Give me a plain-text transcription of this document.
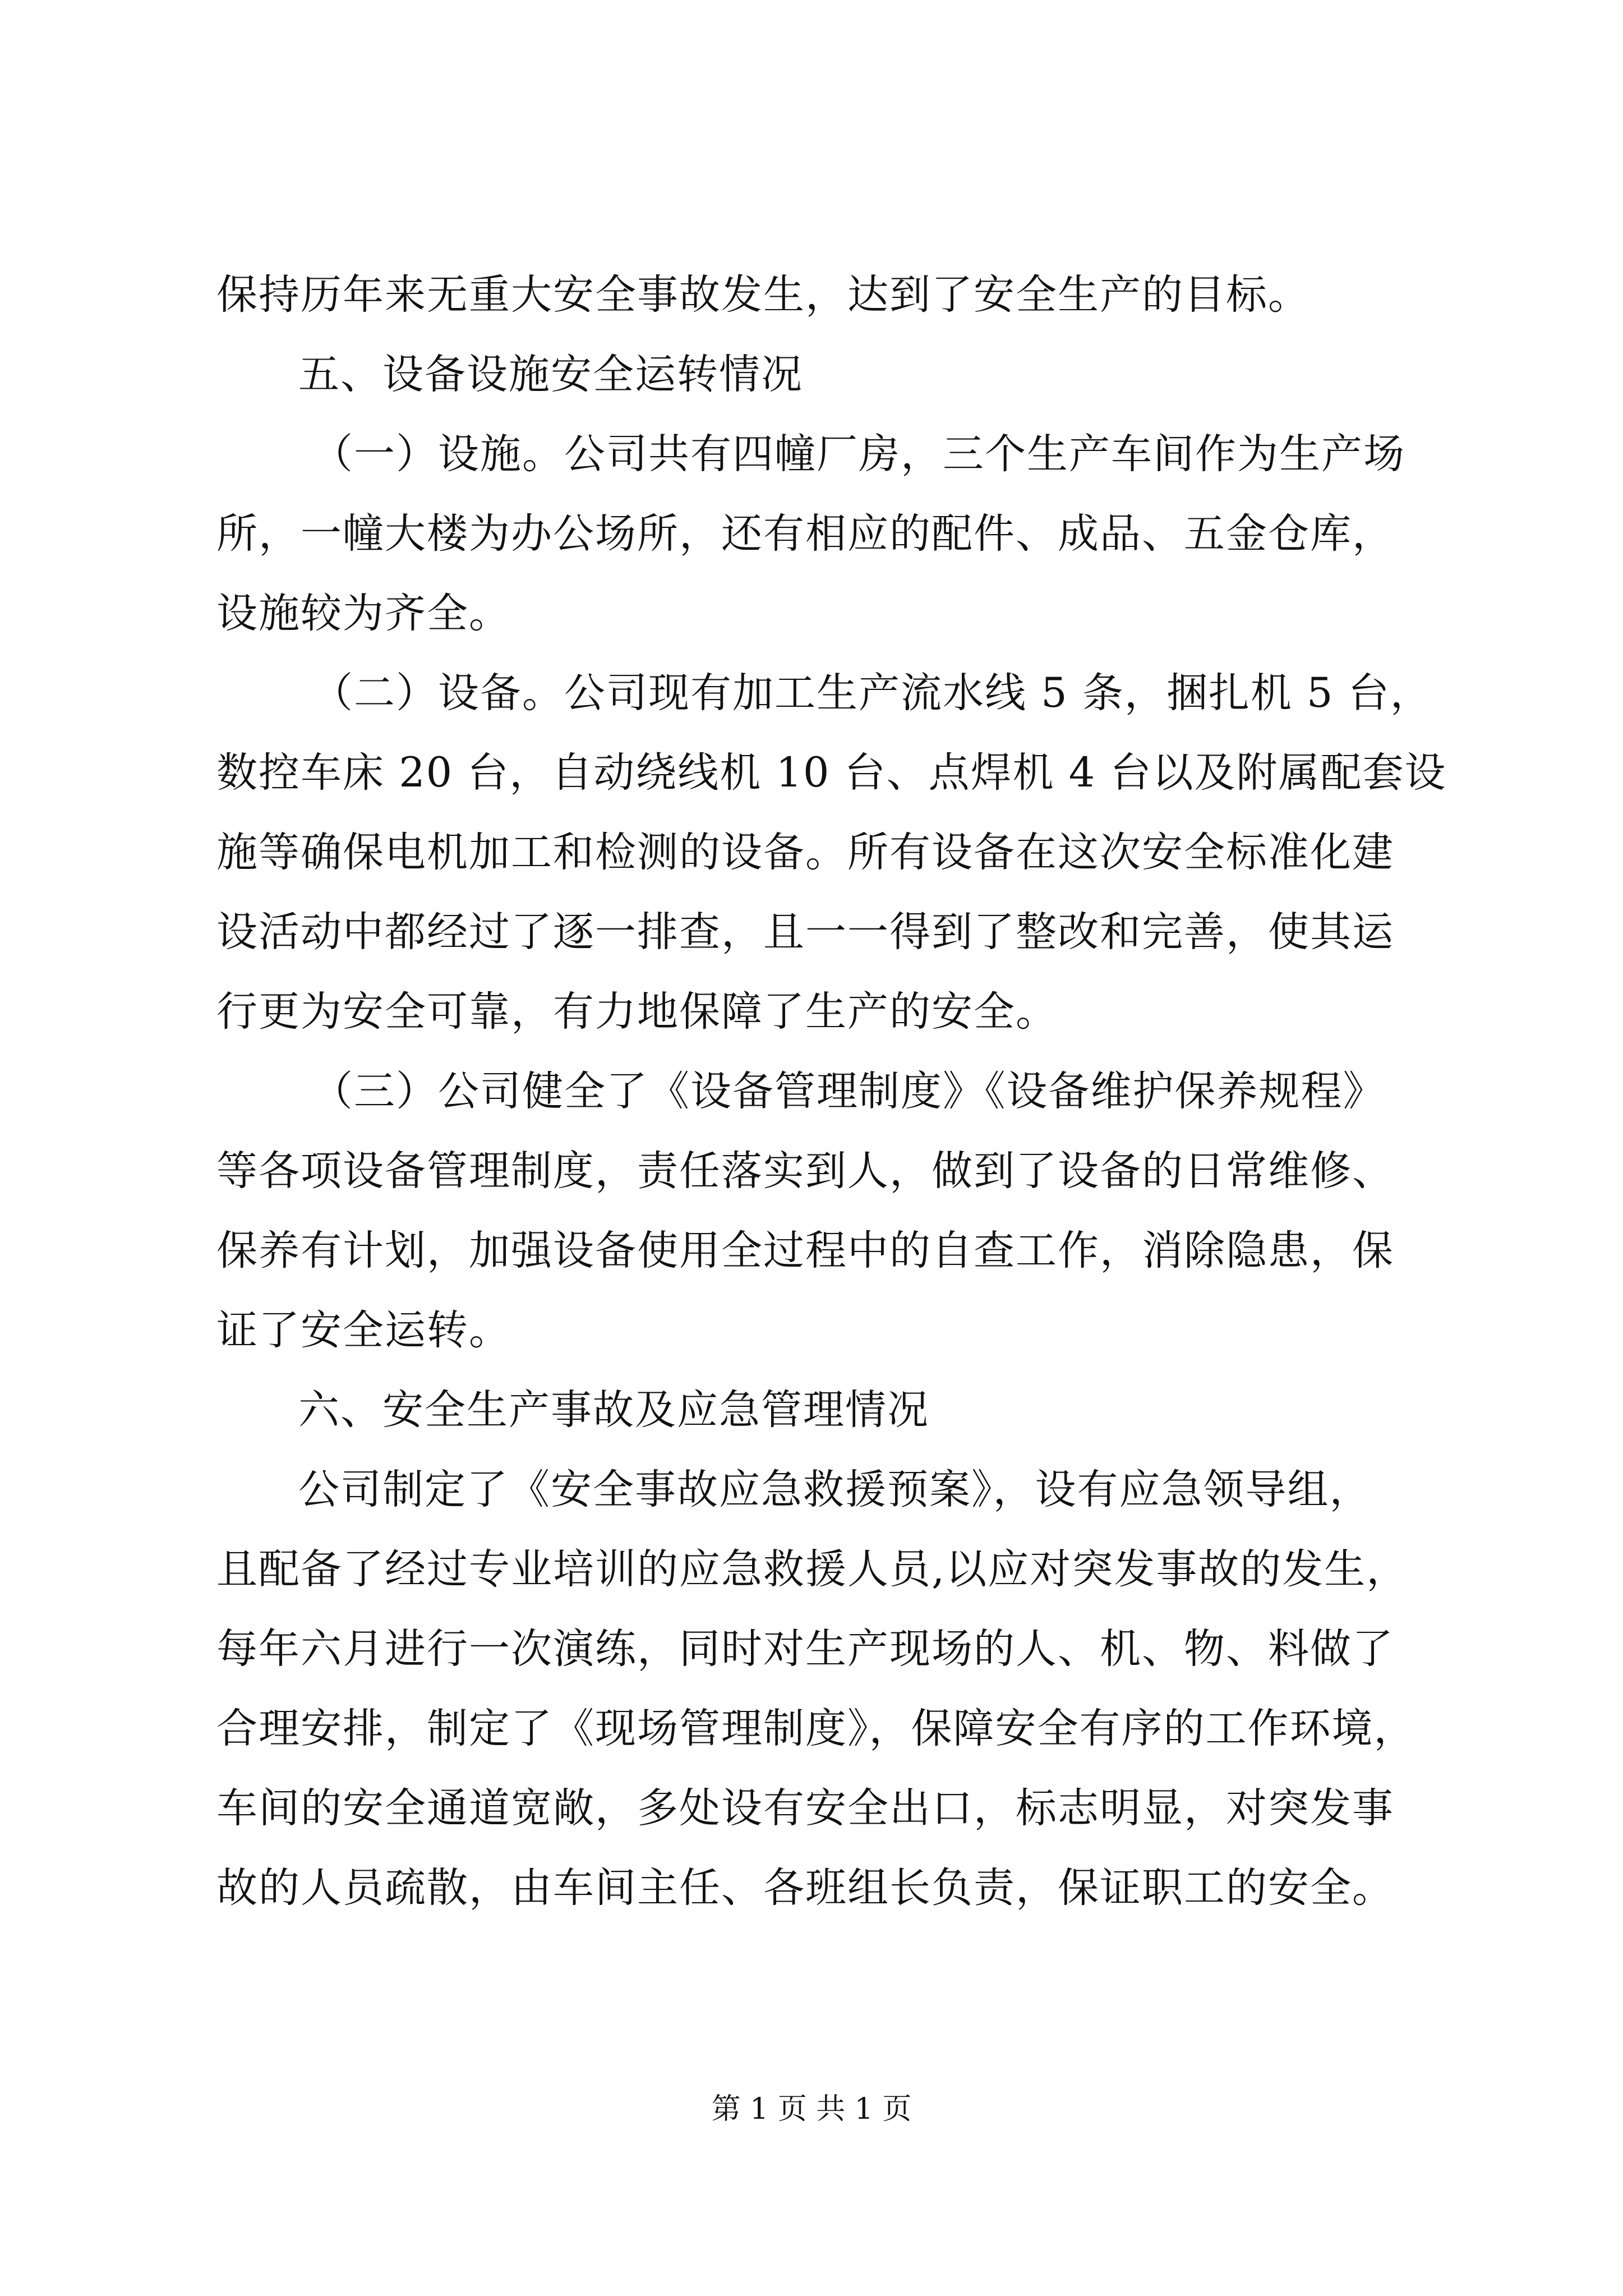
保持历年来无重大安全事故发生，达到了安全生产的目标。
五、设备设施安全运转情况
（一）设施。公司共有四幢厂房，三个生产车间作为生产场
所，一幢大楼为办公场所，还有相应的配件、成品、五金仓库，
设施较为齐全。
（二）设备。公司现有加工生产流水线 5 条，捆扎机 5 台，
数控车床 20 台，自动绕线机 10 台、点焊机 4 台以及附属配套设
施等确保电机加工和检测的设备。所有设备在这次安全标准化建
设活动中都经过了逐一排查，且一一得到了整改和完善，使其运
行更为安全可靠，有力地保障了生产的安全。
（三）公司健全了《设备管理制度》《设备维护保养规程》
等各项设备管理制度，责任落实到人，做到了设备的日常维修、
保养有计划，加强设备使用全过程中的自查工作，消除隐患，保
证了安全运转。
六、安全生产事故及应急管理情况
公司制定了《安全事故应急救援预案》，设有应急领导组，
且配备了经过专业培训的应急救援人员,以应对突发事故的发生，
每年六月进行一次演练，同时对生产现场的人、机、物、料做了
合理安排，制定了《现场管理制度》，保障安全有序的工作环境，
车间的安全通道宽敞，多处设有安全出口，标志明显，对突发事
故的人员疏散，由车间主任、各班组长负责，保证职工的安全。
第 1 页 共 1 页
